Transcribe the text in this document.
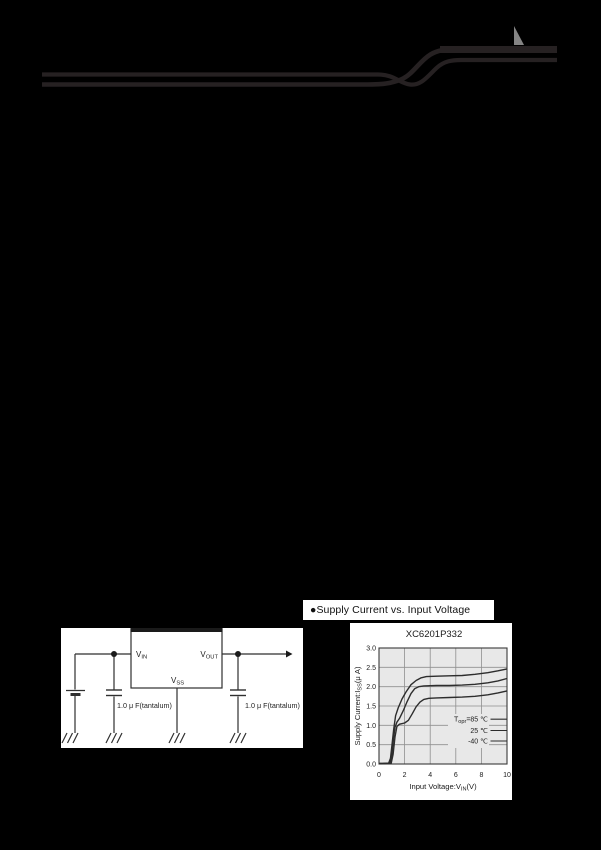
VIN	VOUT
VSS
1.0 μ F(tantalum)	1.0 μ F(tantalum)
●Supply Current vs. Input Voltage
XC6201P332
0	2	4	6	8	10
0.0
0.5
1.0
1.5
2.0
2.5
3.0
Input Voltage:VIN(V)
Supply Current:ISS(μ A)
Topr=85 ℃
25 ℃
-40 ℃
